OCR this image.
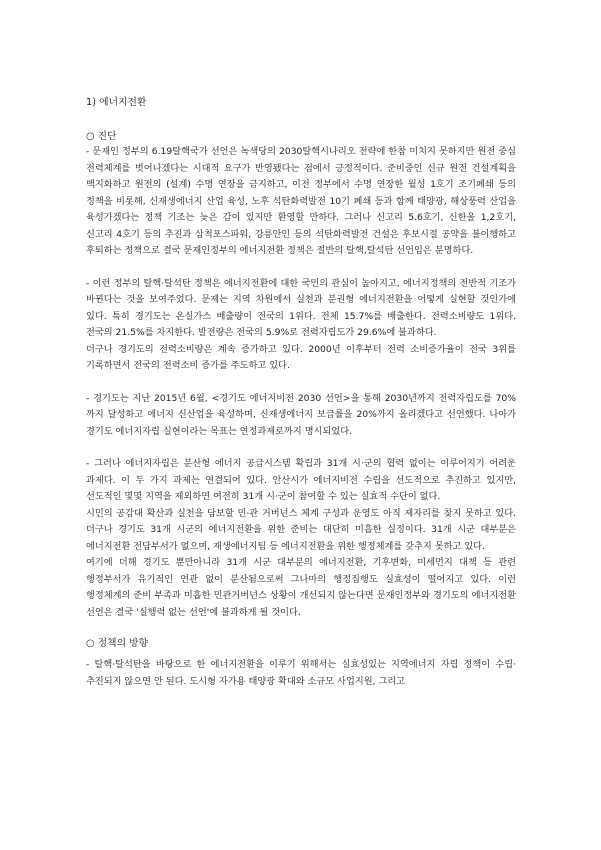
1) 에너지전환

○ 진단

- 문재인 정부의 6.19탈핵국가 선언은 녹색당의 2030탈핵시나리오 전략에 한참 미치지 못하지만 원전 중심 전력체계를 벗어나겠다는 시대적 요구가 반영됐다는 점에서 긍정적이다. 준비중인 신규 원전 건설계획을 백지화하고 원전의 (설계) 수명 연장을 금지하고, 이전 정부에서 수명 연장한 월성 1호기 조기폐쇄 등의 정책을 비롯해, 신재생에너지 산업 육성, 노후 석탄화력발전 10기 폐쇄 등과 함께 태양광, 해상풍력 산업을 육성가겠다는 정책 기조는 늦은 감이 있지만 환영할 만하다. 그러나 신고리 5.6호기, 신한울 1,2호기, 신고리 4호기 등의 추진과 삼척포스파워, 강릉안인 등의 석탄화력발전 건설은 후보시절 공약을 불이행하고 후퇴하는 정책으로 결국 문재인정부의 에너지전환 정책은 절반의 탈핵,탈석탄 선언임은 분명하다.

- 이런 정부의 탈핵·탈석탄 정책은 에너지전환에 대한 국민의 관심이 높아지고, 에너지정책의 전반적 기조가 바뀐다는 것을 보여주었다. 문제는 지역 차원에서 실천과 분권형 에너지전환을 어떻게 실현할 것인가에 있다. 특히 경기도는 온실가스 배출량이 전국의 1위다. 전체 15.7%를 배출한다. 전력소비량도 1위다. 전국의 21.5%를 차지한다. 발전량은 전국의 5.9%로 전력자립도가 29.6%에 불과하다.
더구나 경기도의 전력소비량은 계속 증가하고 있다. 2000년 이후부터 전력 소비증가율이 전국 3위를 기록하면서 전국의 전력소비 증가를 주도하고 있다.

- 경기도는 지난 2015년 6월, <경기도 에너지비전 2030 선언>을 통해 2030년까지 전력자립도를 70%까지 달성하고 에너지 신산업을 육성하며, 신재생에너지 보급률을 20%까지 올리겠다고 선언했다. 나아가 경기도 에너지자립 실현이라는 목표는 연정과제로까지 명시되었다.

- 그러나 에너지자립은 분산형 에너지 공급시스템 확립과 31개 시·군의 협력 없이는 이루어지기 어려운 과제다. 이 두 가지 과제는 연결되어 있다. 안산시가 에너지비전 수립을 선도적으로 추진하고 있지만, 선도적인 몇몇 지역을 제외하면 여전히 31개 시·군이 참여할 수 있는 실효적 수단이 없다.
시민의 공감대 확산과 실천을 담보할 민·관 거버넌스 체계 구성과 운영도 아직 제자리를 찾지 못하고 있다. 더구나 경기도 31개 시군의 에너지전환을 위한 준비는 대단히 미흡한 실정이다. 31개 시군 대부분은 에너지전환 전담부서가 없으며, 재생에너지팀 등 에너지전환을 위한 행정체계를 갖추지 못하고 있다.
여기에 더해 경기도 뿐만아니라 31개 시군 대부분의 에너지전환, 기후변화, 미세먼지 대책 등 관련 행정부서가 유기적인 연관 없이 분산됨으로써 그나마의 행정집행도 실효성이 떨어지고 있다. 이런 행정체계의 준비 부족과 미흡한 민관거버넌스 상황이 개선되지 않는다면 문재인정부와 경기도의 에너지전환 선언은 결국 '실행력 없는 선언'에 불과하게 될 것이다.

○ 정책의 방향

- 탈핵·탈석탄을 바탕으로 한 에너지전환을 이루기 위해서는 실효성있는 지역에너지 자립 정책이 수립·추진되지 않으면 안 된다. 도시형 자가용 태양광 확대와 소규모 사업지원, 그리고
